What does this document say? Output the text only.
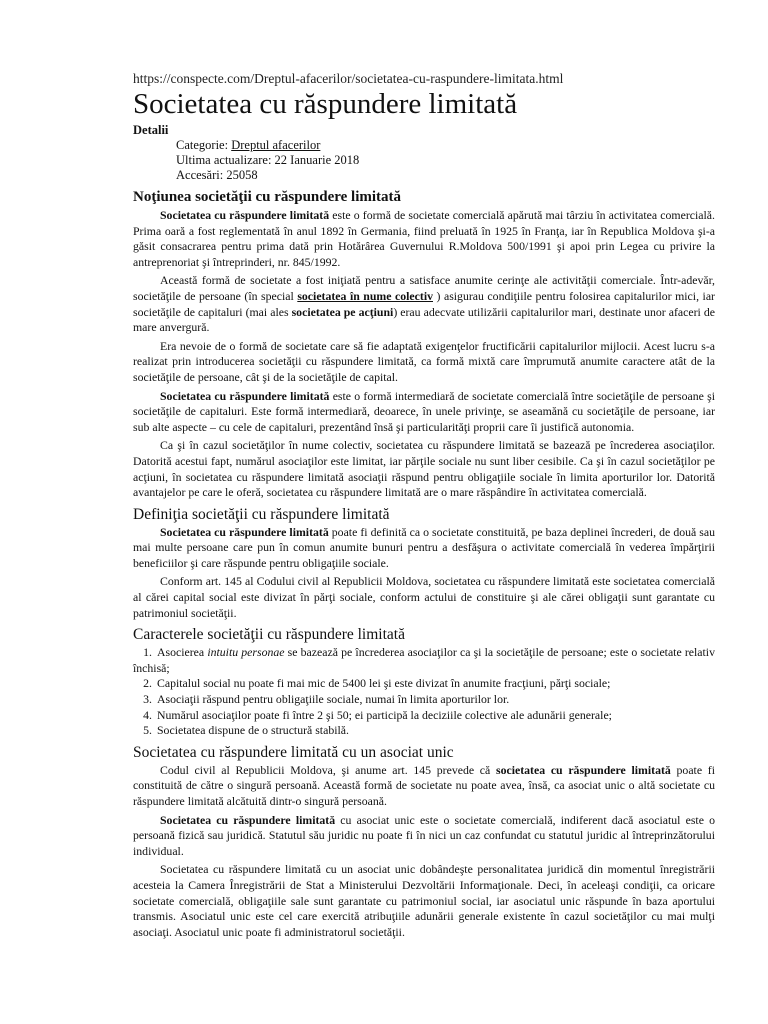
https://conspecte.com/Dreptul-afacerilor/societatea-cu-raspundere-limitata.html
Societatea cu răspundere limitată
Detalii
Categorie: Dreptul afacerilor
Ultima actualizare: 22 Ianuarie 2018
Accesări: 25058
Noţiunea societăţii cu răspundere limitată

Societatea cu răspundere limitată este o formă de societate comercială apărută mai târziu în activitatea comercială. Prima oară a fost reglementată în anul 1892 în Germania, fiind preluată în 1925 în Franţa, iar în Republica Moldova şi-a găsit consacrarea pentru prima dată prin Hotărârea Guvernului R.Moldova 500/1991 şi apoi prin Legea cu privire la antreprenoriat şi întreprinderi, nr. 845/1992.

Această formă de societate a fost iniţiată pentru a satisface anumite cerinţe ale activităţii comerciale. Într-adevăr, societăţile de persoane (în special societatea în nume colectiv ) asigurau condiţiile pentru folosirea capitalurilor mici, iar societăţile de capitaluri (mai ales societatea pe acţiuni) erau adecvate utilizării capitalurilor mari, destinate unor afaceri de mare anvergură.

Era nevoie de o formă de societate care să fie adaptată exigenţelor fructificării capitalurilor mijlocii. Acest lucru s-a realizat prin introducerea societăţii cu răspundere limitată, ca formă mixtă care împrumută anumite caractere atât de la societăţile de persoane, cât şi de la societăţile de capital.

Societatea cu răspundere limitată este o formă intermediară de societate comercială între societăţile de persoane şi societăţile de capitaluri. Este formă intermediară, deoarece, în unele privinţe, se aseamănă cu societăţile de persoane, iar sub alte aspecte – cu cele de capitaluri, prezentând însă şi particularităţi proprii care îi justifică autonomia.

Ca şi în cazul societăţilor în nume colectiv, societatea cu răspundere limitată se bazează pe încrederea asociaţilor. Datorită acestui fapt, numărul asociaţilor este limitat, iar părţile sociale nu sunt liber cesibile. Ca şi în cazul societăţilor pe acţiuni, în societatea cu răspundere limitată asociaţii răspund pentru obligaţiile sociale în limita aporturilor lor. Datorită avantajelor pe care le oferă, societatea cu răspundere limitată are o mare răspândire în activitatea comercială.

Definiţia societăţii cu răspundere limitată

Societatea cu răspundere limitată poate fi definită ca o societate constituită, pe baza deplinei încrederi, de două sau mai multe persoane care pun în comun anumite bunuri pentru a desfăşura o activitate comercială în vederea împărţirii beneficiilor şi care răspunde pentru obligaţiile sociale.

Conform art. 145 al Codului civil al Republicii Moldova, societatea cu răspundere limitată este societatea comercială al cărei capital social este divizat în părţi sociale, conform actului de constituire şi ale cărei obligaţii sunt garantate cu patrimoniul societăţii.

Caracterele societăţii cu răspundere limitată
1. Asocierea intuitu personae se bazează pe încrederea asociaţilor ca şi la societăţile de persoane; este o societate relativ închisă;
2. Capitalul social nu poate fi mai mic de 5400 lei şi este divizat în anumite fracţiuni, părţi sociale;
3. Asociaţii răspund pentru obligaţiile sociale, numai în limita aporturilor lor.
4. Numărul asociaţilor poate fi între 2 şi 50; ei participă la deciziile colective ale adunării generale;
5. Societatea dispune de o structură stabilă.
Societatea cu răspundere limitată cu un asociat unic

Codul civil al Republicii Moldova, şi anume art. 145 prevede că societatea cu răspundere limitată poate fi constituită de către o singură persoană. Această formă de societate nu poate avea, însă, ca asociat unic o altă societate cu răspundere limitată alcătuită dintr-o singură persoană.

Societatea cu răspundere limitată cu asociat unic este o societate comercială, indiferent dacă asociatul este o persoană fizică sau juridică. Statutul său juridic nu poate fi în nici un caz confundat cu statutul juridic al întreprinzătorului individual.

Societatea cu răspundere limitată cu un asociat unic dobândeşte personalitatea juridică din momentul înregistrării acesteia la Camera Înregistrării de Stat a Ministerului Dezvoltării Informaţionale. Deci, în aceleaşi condiţii, ca oricare societate comercială, obligaţiile sale sunt garantate cu patrimoniul social, iar asociatul unic răspunde în baza aportului transmis. Asociatul unic este cel care exercită atribuţiile adunării generale existente în cazul societăţilor cu mai mulţi asociaţi. Asociatul unic poate fi administratorul societăţii.
